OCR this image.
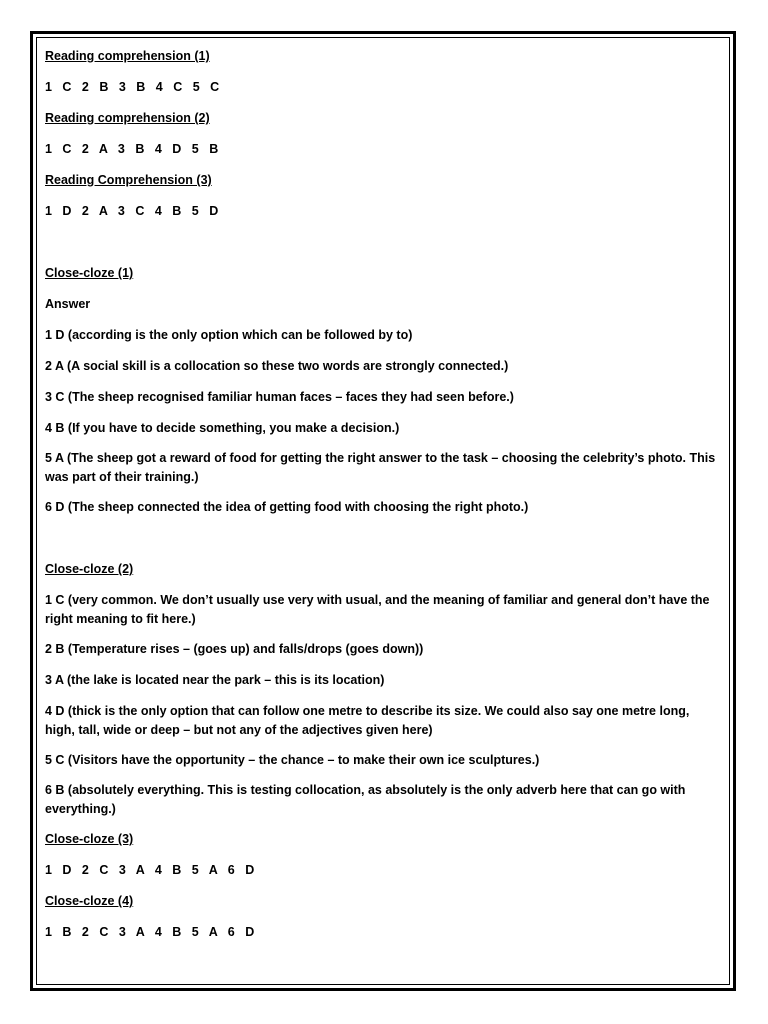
Reading comprehension (1)

1 C 2 B 3 B 4 C 5 C

Reading comprehension (2)

1 C 2 A 3 B 4 D 5 B

Reading Comprehension (3)

1 D 2 A 3 C 4 B 5 D

Close-cloze (1)

Answer

1 D (according is the only option which can be followed by to)

2 A (A social skill is a collocation so these two words are strongly connected.)

3 C (The sheep recognised familiar human faces – faces they had seen before.)

4 B (If you have to decide something, you make a decision.)

5 A (The sheep got a reward of food for getting the right answer to the task – choosing the celebrity’s photo. This was part of their training.)

6 D (The sheep connected the idea of getting food with choosing the right photo.)

Close-cloze (2)

1 C (very common. We don’t usually use very with usual, and the meaning of familiar and general don’t have the right meaning to fit here.)

2 B (Temperature rises – (goes up) and falls/drops (goes down))

3 A (the lake is located near the park – this is its location)

4 D (thick is the only option that can follow one metre to describe its size. We could also say one metre long, high, tall, wide or deep – but not any of the adjectives given here)

5 C (Visitors have the opportunity – the chance – to make their own ice sculptures.)

6 B (absolutely everything. This is testing collocation, as absolutely is the only adverb here that can go with everything.)

Close-cloze (3)

1 D 2 C 3 A 4 B 5 A 6 D

Close-cloze (4)

1 B 2 C 3 A 4 B 5 A 6 D
